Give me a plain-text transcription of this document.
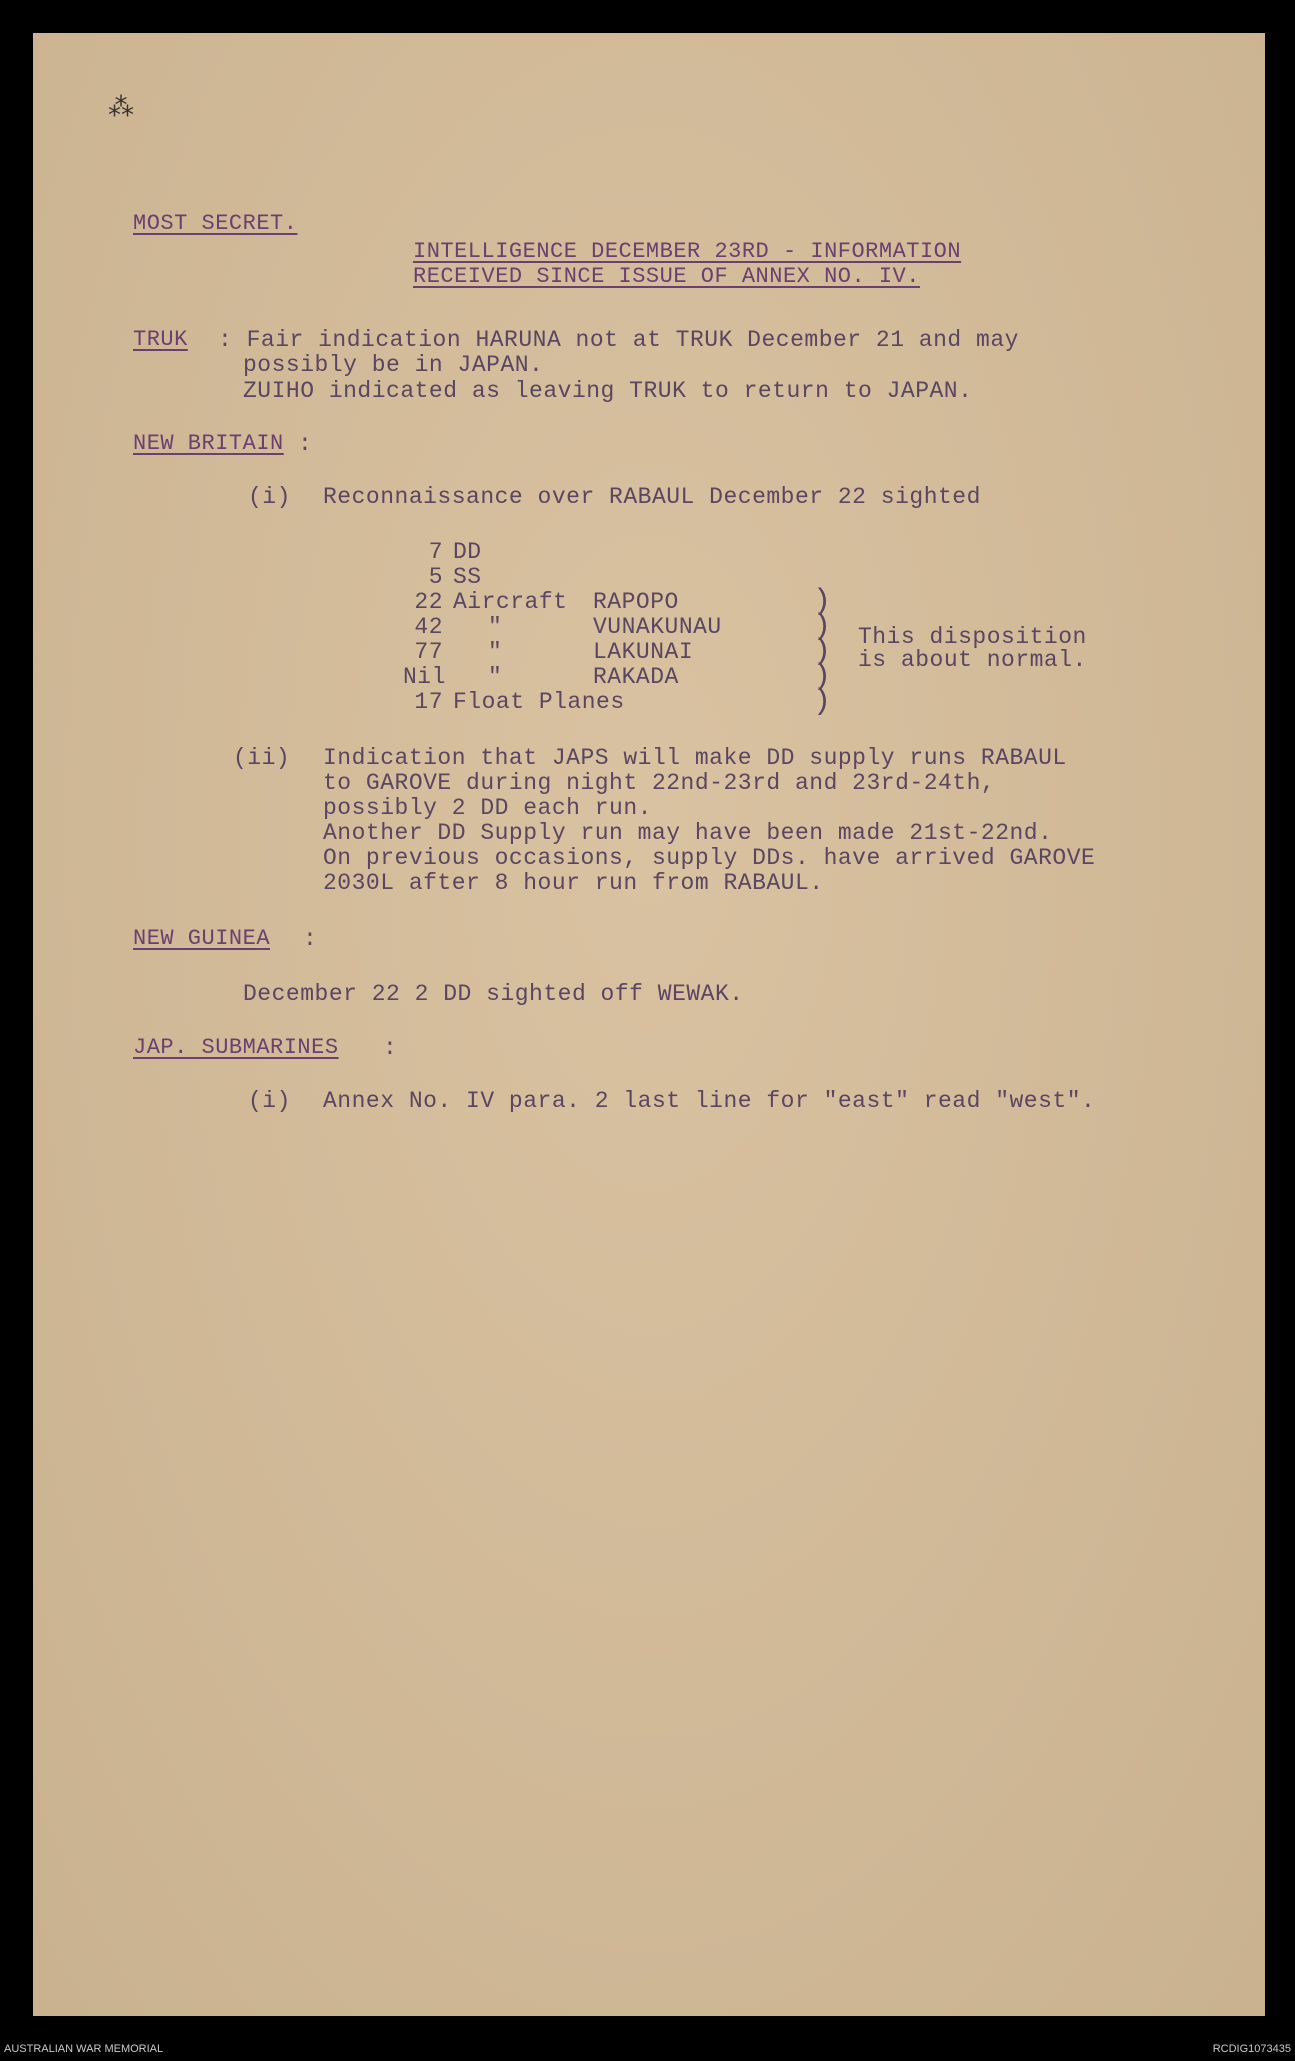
⁂
MOST SECRET.
INTELLIGENCE DECEMBER 23RD - INFORMATION
RECEIVED SINCE ISSUE OF ANNEX NO. IV.
TRUK : Fair indication HARUNA not at TRUK December 21 and may
possibly be in JAPAN.
ZUIHO indicated as leaving TRUK to return to JAPAN.
NEW BRITAIN :
(i) Reconnaissance over RABAUL December 22 sighted
7 DD
5 SS
22 Aircraft RAPOPO
42 "	VUNAKUNAU
77 "	LAKUNAI
Nil "	RAKADA
17 Float Planes
)
)
)
)
)
This disposition
is about normal.
(ii) Indication that JAPS will make DD supply runs RABAUL
to GAROVE during night 22nd-23rd and 23rd-24th,
possibly 2 DD each run.
Another DD Supply run may have been made 21st-22nd.
On previous occasions, supply DDs. have arrived GAROVE
2030L after 8 hour run from RABAUL.
NEW GUINEA :
December 22 2 DD sighted off WEWAK.
JAP. SUBMARINES :
(i) Annex No. IV para. 2 last line for "east" read "west".
AUSTRALIAN WAR MEMORIAL	RCDIG1073435
